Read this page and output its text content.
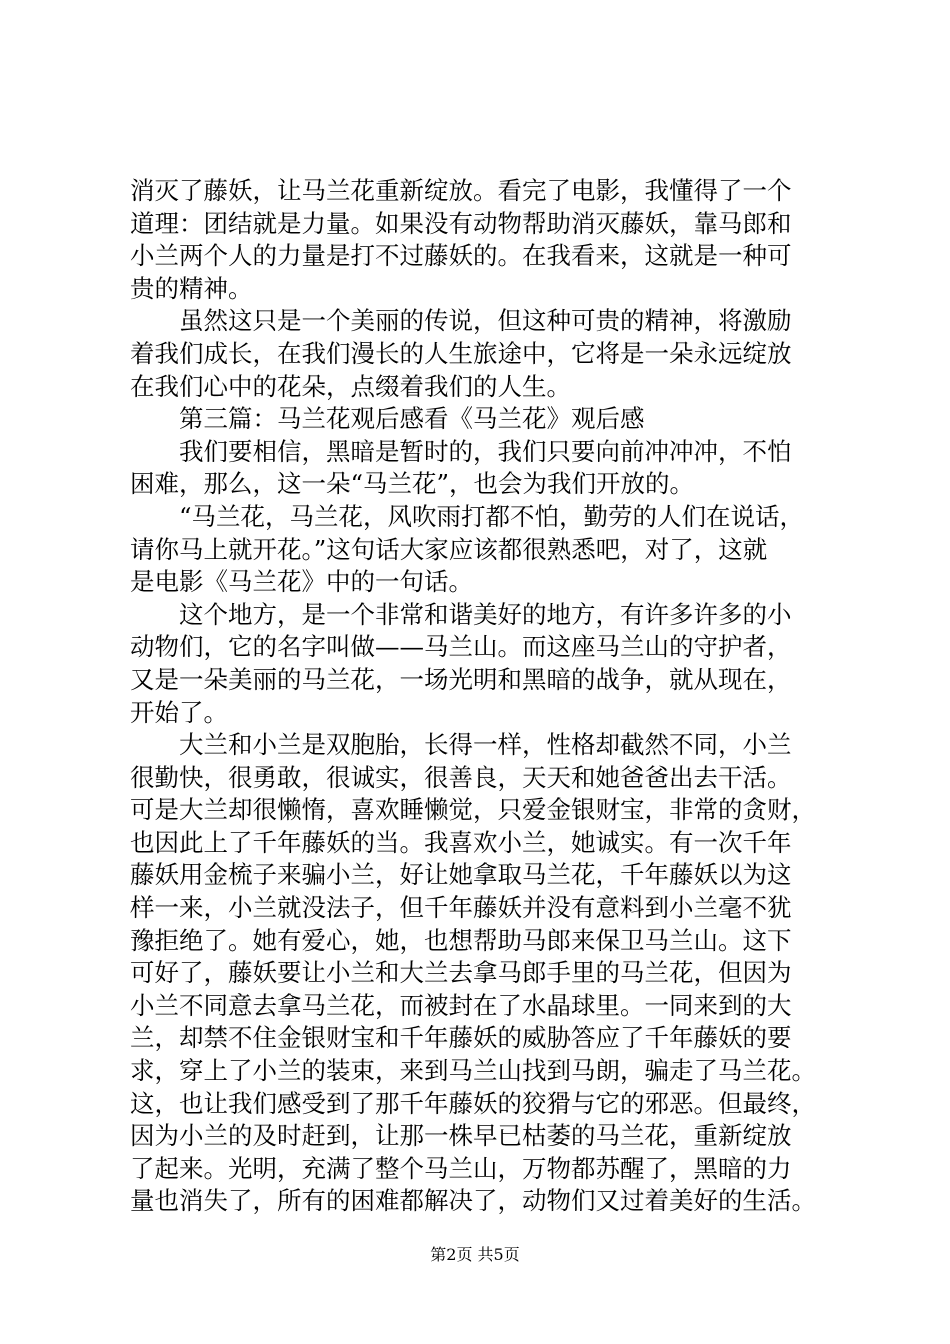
消灭了藤妖，让马兰花重新绽放。看完了电影，我懂得了一个
道理：团结就是力量。如果没有动物帮助消灭藤妖，靠马郎和
小兰两个人的力量是打不过藤妖的。在我看来，这就是一种可
贵的精神。
虽然这只是一个美丽的传说，但这种可贵的精神，将激励
着我们成长，在我们漫长的人生旅途中，它将是一朵永远绽放
在我们心中的花朵，点缀着我们的人生。
第三篇：马兰花观后感看《马兰花》观后感
我们要相信，黑暗是暂时的，我们只要向前冲冲冲，不怕
困难，那么，这一朵“马兰花”，也会为我们开放的。
“马兰花，马兰花，风吹雨打都不怕，勤劳的人们在说话，
请你马上就开花。”这句话大家应该都很熟悉吧，对了，这就
是电影《马兰花》中的一句话。
这个地方，是一个非常和谐美好的地方，有许多许多的小
动物们，它的名字叫做——马兰山。而这座马兰山的守护者，
又是一朵美丽的马兰花，一场光明和黑暗的战争，就从现在，
开始了。
大兰和小兰是双胞胎，长得一样，性格却截然不同，小兰
很勤快，很勇敢，很诚实，很善良，天天和她爸爸出去干活。
可是大兰却很懒惰，喜欢睡懒觉，只爱金银财宝，非常的贪财，
也因此上了千年藤妖的当。我喜欢小兰，她诚实。有一次千年
藤妖用金梳子来骗小兰，好让她拿取马兰花，千年藤妖以为这
样一来，小兰就没法子，但千年藤妖并没有意料到小兰毫不犹
豫拒绝了。她有爱心，她，也想帮助马郎来保卫马兰山。这下
可好了，藤妖要让小兰和大兰去拿马郎手里的马兰花，但因为
小兰不同意去拿马兰花，而被封在了水晶球里。一同来到的大
兰，却禁不住金银财宝和千年藤妖的威胁答应了千年藤妖的要
求，穿上了小兰的装束，来到马兰山找到马朗，骗走了马兰花。
这，也让我们感受到了那千年藤妖的狡猾与它的邪恶。但最终，
因为小兰的及时赶到，让那一株早已枯萎的马兰花，重新绽放
了起来。光明，充满了整个马兰山，万物都苏醒了，黑暗的力
量也消失了，所有的困难都解决了，动物们又过着美好的生活。
第2页 共5页
